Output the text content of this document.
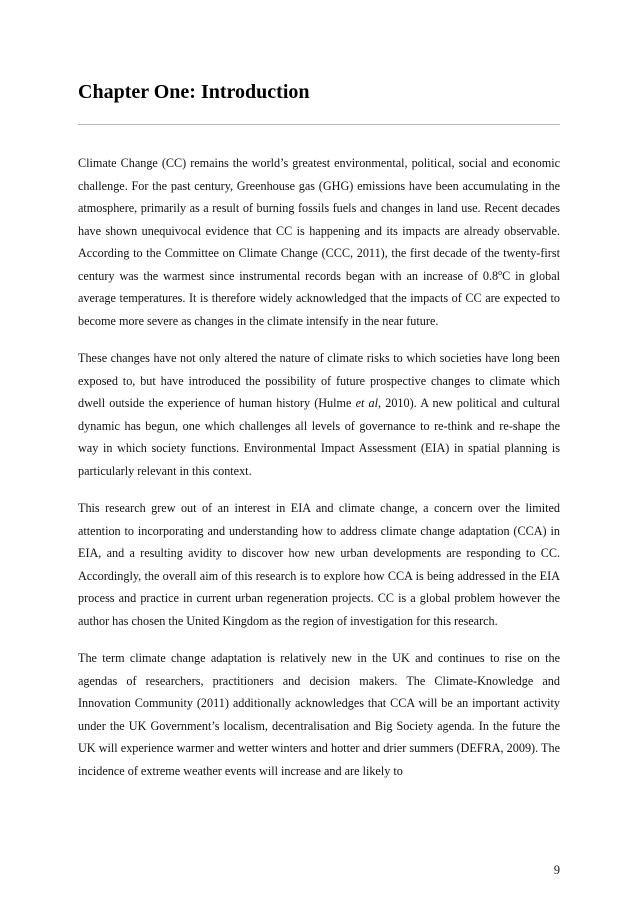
Chapter One: Introduction

Climate Change (CC) remains the world’s greatest environmental, political, social and economic challenge. For the past century, Greenhouse gas (GHG) emissions have been accumulating in the atmosphere, primarily as a result of burning fossils fuels and changes in land use. Recent decades have shown unequivocal evidence that CC is happening and its impacts are already observable. According to the Committee on Climate Change (CCC, 2011), the first decade of the twenty-first century was the warmest since instrumental records began with an increase of 0.8$^o$C in global average temperatures. It is therefore widely acknowledged that the impacts of CC are expected to become more severe as changes in the climate intensify in the near future.

These changes have not only altered the nature of climate risks to which societies have long been exposed to, but have introduced the possibility of future prospective changes to climate which dwell outside the experience of human history (Hulme et al, 2010). A new political and cultural dynamic has begun, one which challenges all levels of governance to re-think and re-shape the way in which society functions. Environmental Impact Assessment (EIA) in spatial planning is particularly relevant in this context.

This research grew out of an interest in EIA and climate change, a concern over the limited attention to incorporating and understanding how to address climate change adaptation (CCA) in EIA, and a resulting avidity to discover how new urban developments are responding to CC. Accordingly, the overall aim of this research is to explore how CCA is being addressed in the EIA process and practice in current urban regeneration projects. CC is a global problem however the author has chosen the United Kingdom as the region of investigation for this research.

The term climate change adaptation is relatively new in the UK and continues to rise on the agendas of researchers, practitioners and decision makers. The Climate-Knowledge and Innovation Community (2011) additionally acknowledges that CCA will be an important activity under the UK Government’s localism, decentralisation and Big Society agenda. In the future the UK will experience warmer and wetter winters and hotter and drier summers (DEFRA, 2009). The incidence of extreme weather events will increase and are likely to

9
